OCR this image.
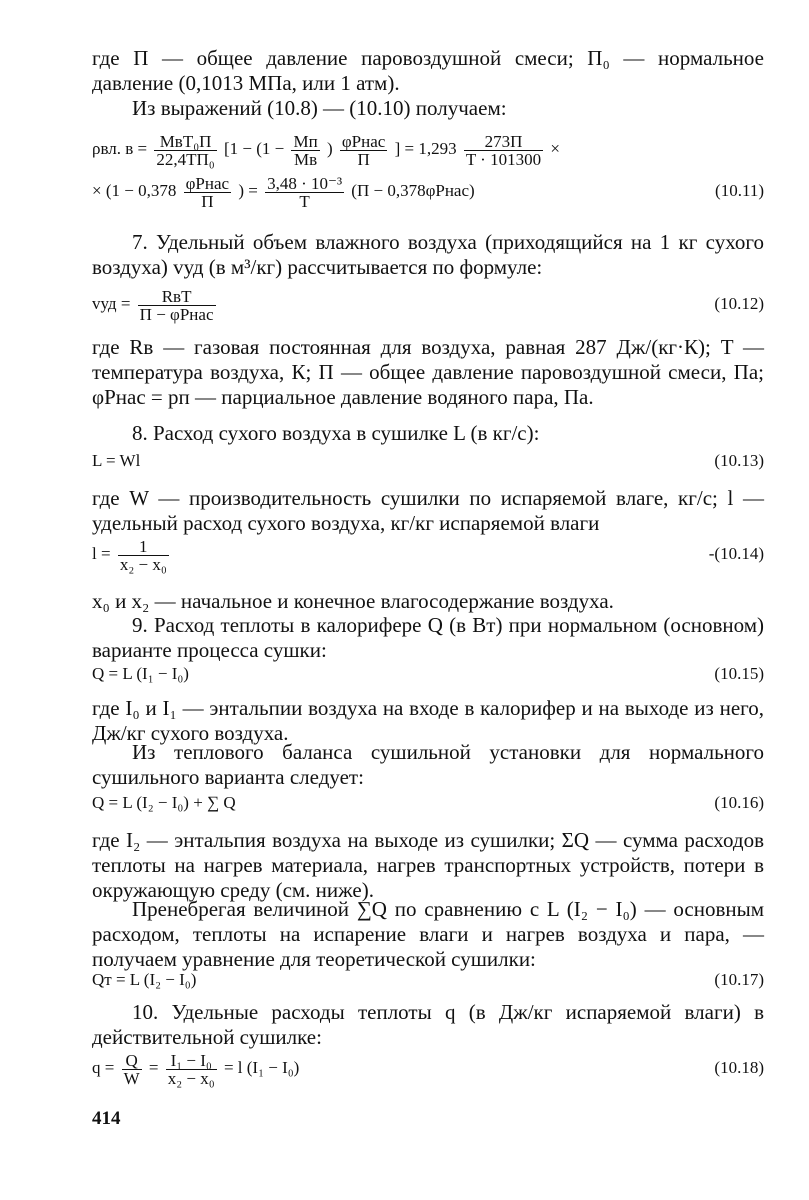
где П — общее давление паровоздушной смеси; П₀ — нормальное давление (0,1013 МПа, или 1 атм).

Из выражений (10.8) — (10.10) получаем:

ρвл. $в = \frac{\text{MвT₀П}}{\text{22,4TП₀}} [1 - (1 - \frac{Mп}{Mв}$ ) $\frac{\text{φPнас}}{П}$ ] = $1,293 \frac{273П}{T \cdot 101300}$ ×
× ($1 - 0,378 \frac{\text{φPнас}}{П}$ ) = $\frac{\text{3,48 · 10⁻³}}{T} (П$ − 0,378φPнас)	(10.11)

7. Удельный объем влажного воздуха (приходящийся на 1 кг сухого воздуха) vуд (в м³/кг) рассчитывается по формуле:

vуд = $\frac{\text{RвT}}{\text{П − φPнас}}$	(10.12)

где Rв — газовая постоянная для воздуха, равная 287 Дж/(кг·К); T — температура воздуха, К; П — общее давление паровоздушной смеси, Па; φPнас = pп — парциальное давление водяного пара, Па.

8. Расход сухого воздуха в сушилке L (в кг/с):

L = Wl	(10.13)

где W — производительность сушилки по испаряемой влаге, кг/с; l — удельный расход сухого воздуха, кг/кг испаряемой влаги

$l = \frac{1}{\text{x₂ − x₀}}$	-(10.14)

x₀ и x₂ — начальное и конечное влагосодержание воздуха.

9. Расход теплоты в калорифере Q (в Вт) при нормальном (основном) варианте процесса сушки:

Q = L (I₁ − I₀)	(10.15)

где I₀ и I₁ — энтальпии воздуха на входе в калорифер и на выходе из него, Дж/кг сухого воздуха.

Из теплового баланса сушильной установки для нормального сушильного варианта следует:

Q = L (I₂ − I₀) + ∑ Q	(10.16)

где I₂ — энтальпия воздуха на выходе из сушилки; ΣQ — сумма расходов теплоты на нагрев материала, нагрев транспортных устройств, потери в окружающую среду (см. ниже).

Пренебрегая величиной ∑Q по сравнению с L (I₂ − I₀) — основным расходом, теплоты на испарение влаги и нагрев воздуха и пара, — получаем уравнение для теоретической сушилки:

Qт = L (I₂ − I₀)	(10.17)

10. Удельные расходы теплоты q (в Дж/кг испаряемой влаги) в действительной сушилке:

$q = \frac{Q}{W} = \frac{\text{I₁ − I₀}}{\text{x₂ − x₀}} = l$ (I₁ − I₀)	(10.18)
414
